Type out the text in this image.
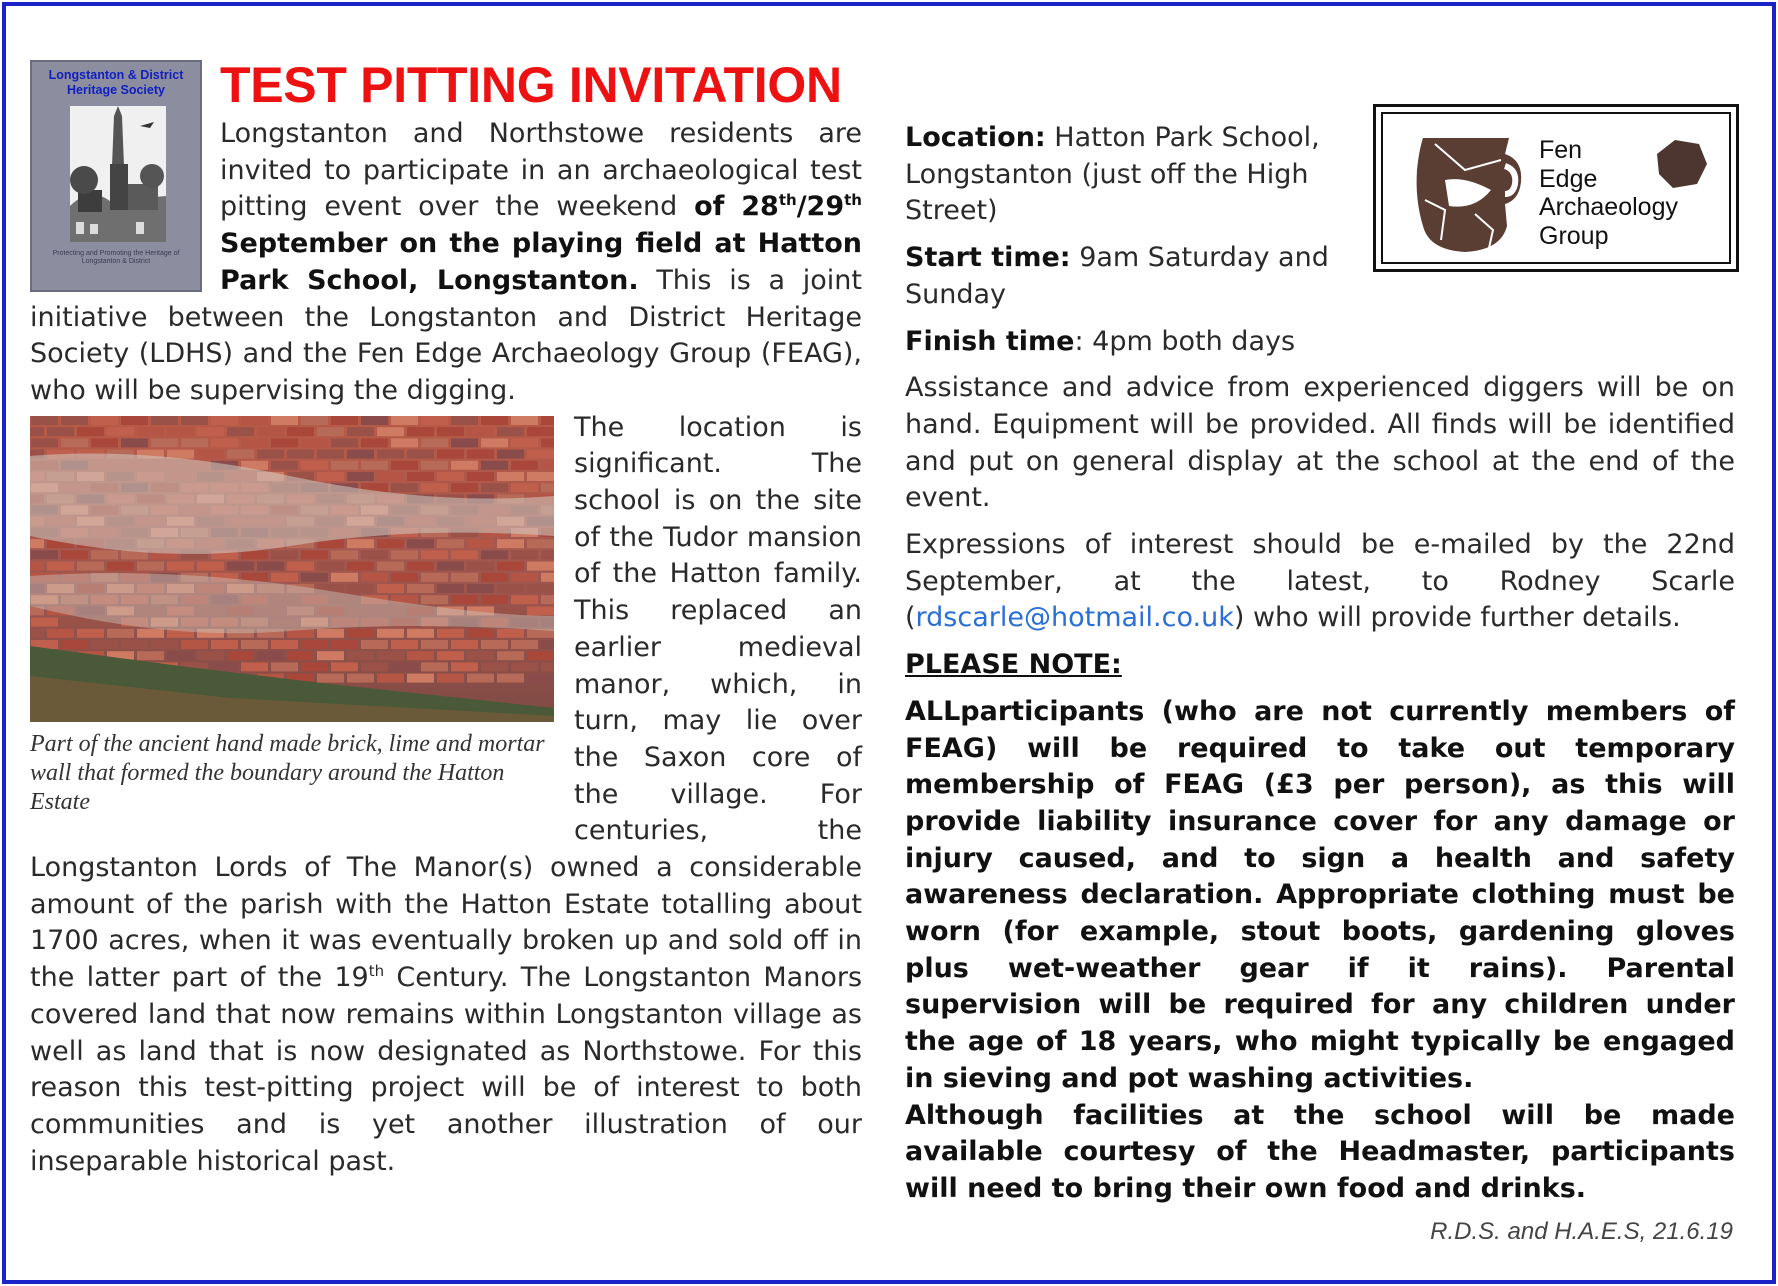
Longstanton & District
Heritage Society
Protecting and Promoting the Heritage of Longstanton & District
TEST PITTING INVITATION

Longstanton and Northstowe residents are invited to participate in an archaeological test pitting event over the weekend of 28th/29th September on the playing field at Hatton Park School, Longstanton. This is a joint initiative between the Longstanton and District Heritage Society (LDHS) and the Fen Edge Archaeology Group (FEAG), who will be supervising the digging.

Part of the ancient hand made brick, lime and mortar wall that formed the boundary around the Hatton Estate

The location is significant. The school is on the site of the Tudor mansion of the Hatton family. This replaced an earlier medieval manor, which, in turn, may lie over the Saxon core of the village. For centuries, the Longstanton Lords of The Manor(s) owned a considerable amount of the parish with the Hatton Estate totalling about 1700 acres, when it was eventually broken up and sold off in the latter part of the 19th Century. The Longstanton Manors covered land that now remains within Longstanton village as well as land that is now designated as Northstowe. For this reason this test-pitting project will be of interest to both communities and is yet another illustration of our inseparable historical past.

Fen
Edge
Archaeology
Group

Location: Hatton Park School, Longstanton (just off the High Street)

Start time: 9am Saturday and Sunday

Finish time: 4pm both days

Assistance and advice from experienced diggers will be on hand. Equipment will be provided. All finds will be identified and put on general display at the school at the end of the event.

Expressions of interest should be e-mailed by the 22nd September, at the latest, to Rodney Scarle (rdscarle@hotmail.co.uk) who will provide further details.

PLEASE NOTE:

ALLparticipants (who are not currently members of FEAG) will be required to take out temporary membership of FEAG (£3 per person), as this will provide liability insurance cover for any damage or injury caused, and to sign a health and safety awareness declaration. Appropriate clothing must be worn (for example, stout boots, gardening gloves plus wet-weather gear if it rains). Parental supervision will be required for any children under the age of 18 years, who might typically be engaged in sieving and pot washing activities.

Although facilities at the school will be made available courtesy of the Headmaster, participants will need to bring their own food and drinks.

R.D.S. and H.A.E.S, 21.6.19
